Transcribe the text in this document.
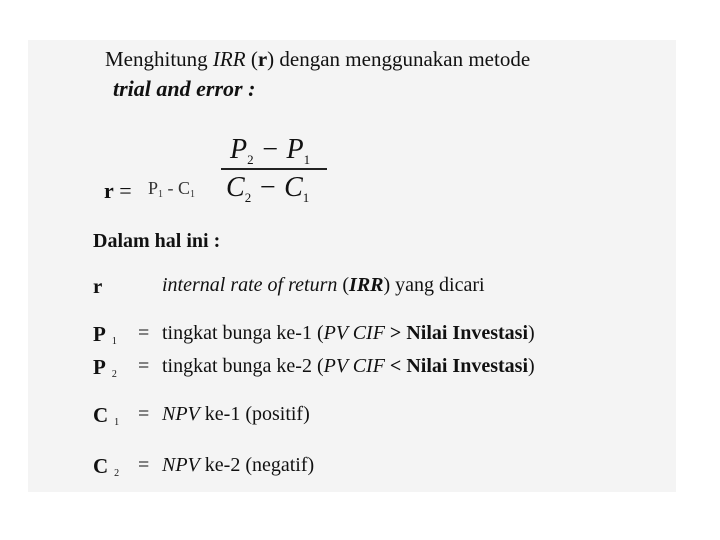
Menghitung IRR (r) dengan menggunakan metode
trial and error :
$r = P_1 - C_1$
$P_2 - P_1$
$C_2 - C_1$
Dalam hal ini :
r	internal rate of return (IRR) yang dicari
P 1 = tingkat bunga ke-1 (PV CIF > Nilai Investasi)
P 2 = tingkat bunga ke-2 (PV CIF < Nilai Investasi)
C 1 = NPV ke-1 (positif)
C 2 = NPV ke-2 (negatif)
